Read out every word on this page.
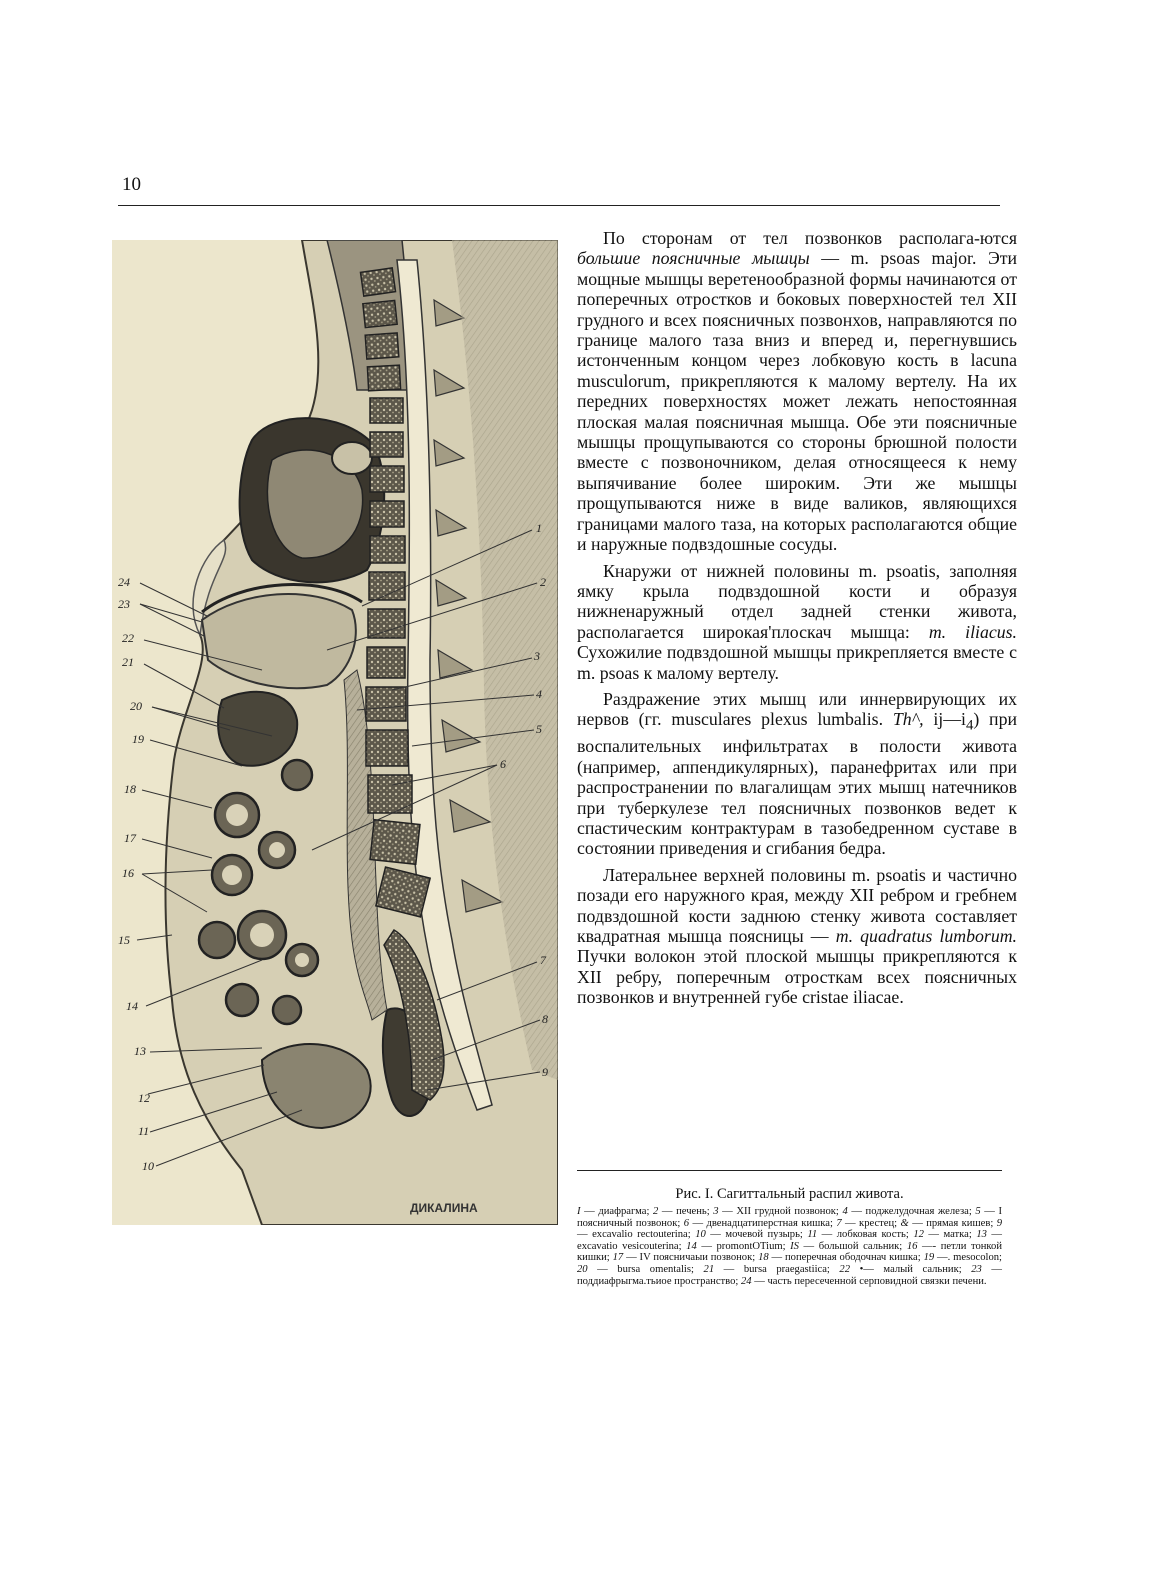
10
24
23
22
21
20
19
18
17
16
15
14
13
12
11
10
1
2
3
4
5
6
7
8
9
ДИКАЛИНА

По сторонам от тел позвонков располага-ются большие поясничные мышцы — m. psoas major. Эти мощные мышцы веретенообразной формы начинаются от поперечных отростков и боковых поверхностей тел XII грудного и всех поясничных позвонхов, направляются по границе малого таза вниз и вперед и, перегнувшись истонченным концом через лобковую кость в lacuna musculorum, прикрепляются к малому вертелу. На их передних поверхностях может лежать непостоянная плоская малая поясничная мышца. Обе эти поясничные мышцы прощупываются со стороны брюшной полости вместе с позвоночником, делая относящееся к нему выпячивание более широким. Эти же мышцы прощупываются ниже в виде валиков, являющихся границами малого таза, на которых располагаются общие и наружные подвздошные сосуды.

Кнаружи от нижней половины m. psoatis, заполняя ямку крыла подвздошной кости и образуя нижненаружный отдел задней стенки живота, располагается широкая'плоскач мышца: m. iliacus. Сухожилие подвздошной мышцы прикрепляется вместе с m. psoas к малому вертелу.

Раздражение этих мышц или иннервирующих их нервов (гг. musculares plexus lumbalis. Th^, $ij—i_4$) при воспалительных инфильтратах в полости живота (например, аппендикулярных), паранефритах или при распространении по влагалищам этих мышц натечников при туберкулезе тел поясничных позвонков ведет к спастическим контрактурам в тазобедренном суставе в состоянии приведения и сгибания бедра.

Латеральнее верхней половины m. psoatis и частично позади его наружного края, между XII ребром и гребнем подвздошной кости заднюю стенку живота составляет квадратная мышца поясницы — m. quadratus lumborum. Пучки волокон этой плоской мышцы прикрепляются к XII ребру, поперечным отросткам всех поясничных позвонков и внутренней губе cristae iliacae.

Рис. I. Сагиттальный распил живота.
I — диафрагма; 2 — печень; 3 — XII грудной позвонок; 4 — поджелудочная железа; 5 — I поясничный позвонок; 6 — двенадцатиперстная кишка; 7 — крестец; & — прямая кишев; 9 — excavalio rectouterina; 10 — мочевой пузырь; 11 — лобковая кость; 12 — матка; 13 — excavatio vesicouterina; 14 — promontOTium; IS — большой сальник; 16 —- петли тонкой кишки; 17 — IV поясничаыи позвонок; 18 — поперечная ободочнач кишка; 19 —. mesocolon; 20 — bursa omentalis; 21 — bursa praegastiica; 22 •— малый сальник; 23 — поддиафрыгма.тьиое пространство; 24 — часть пересеченной серповидной связки печени.
